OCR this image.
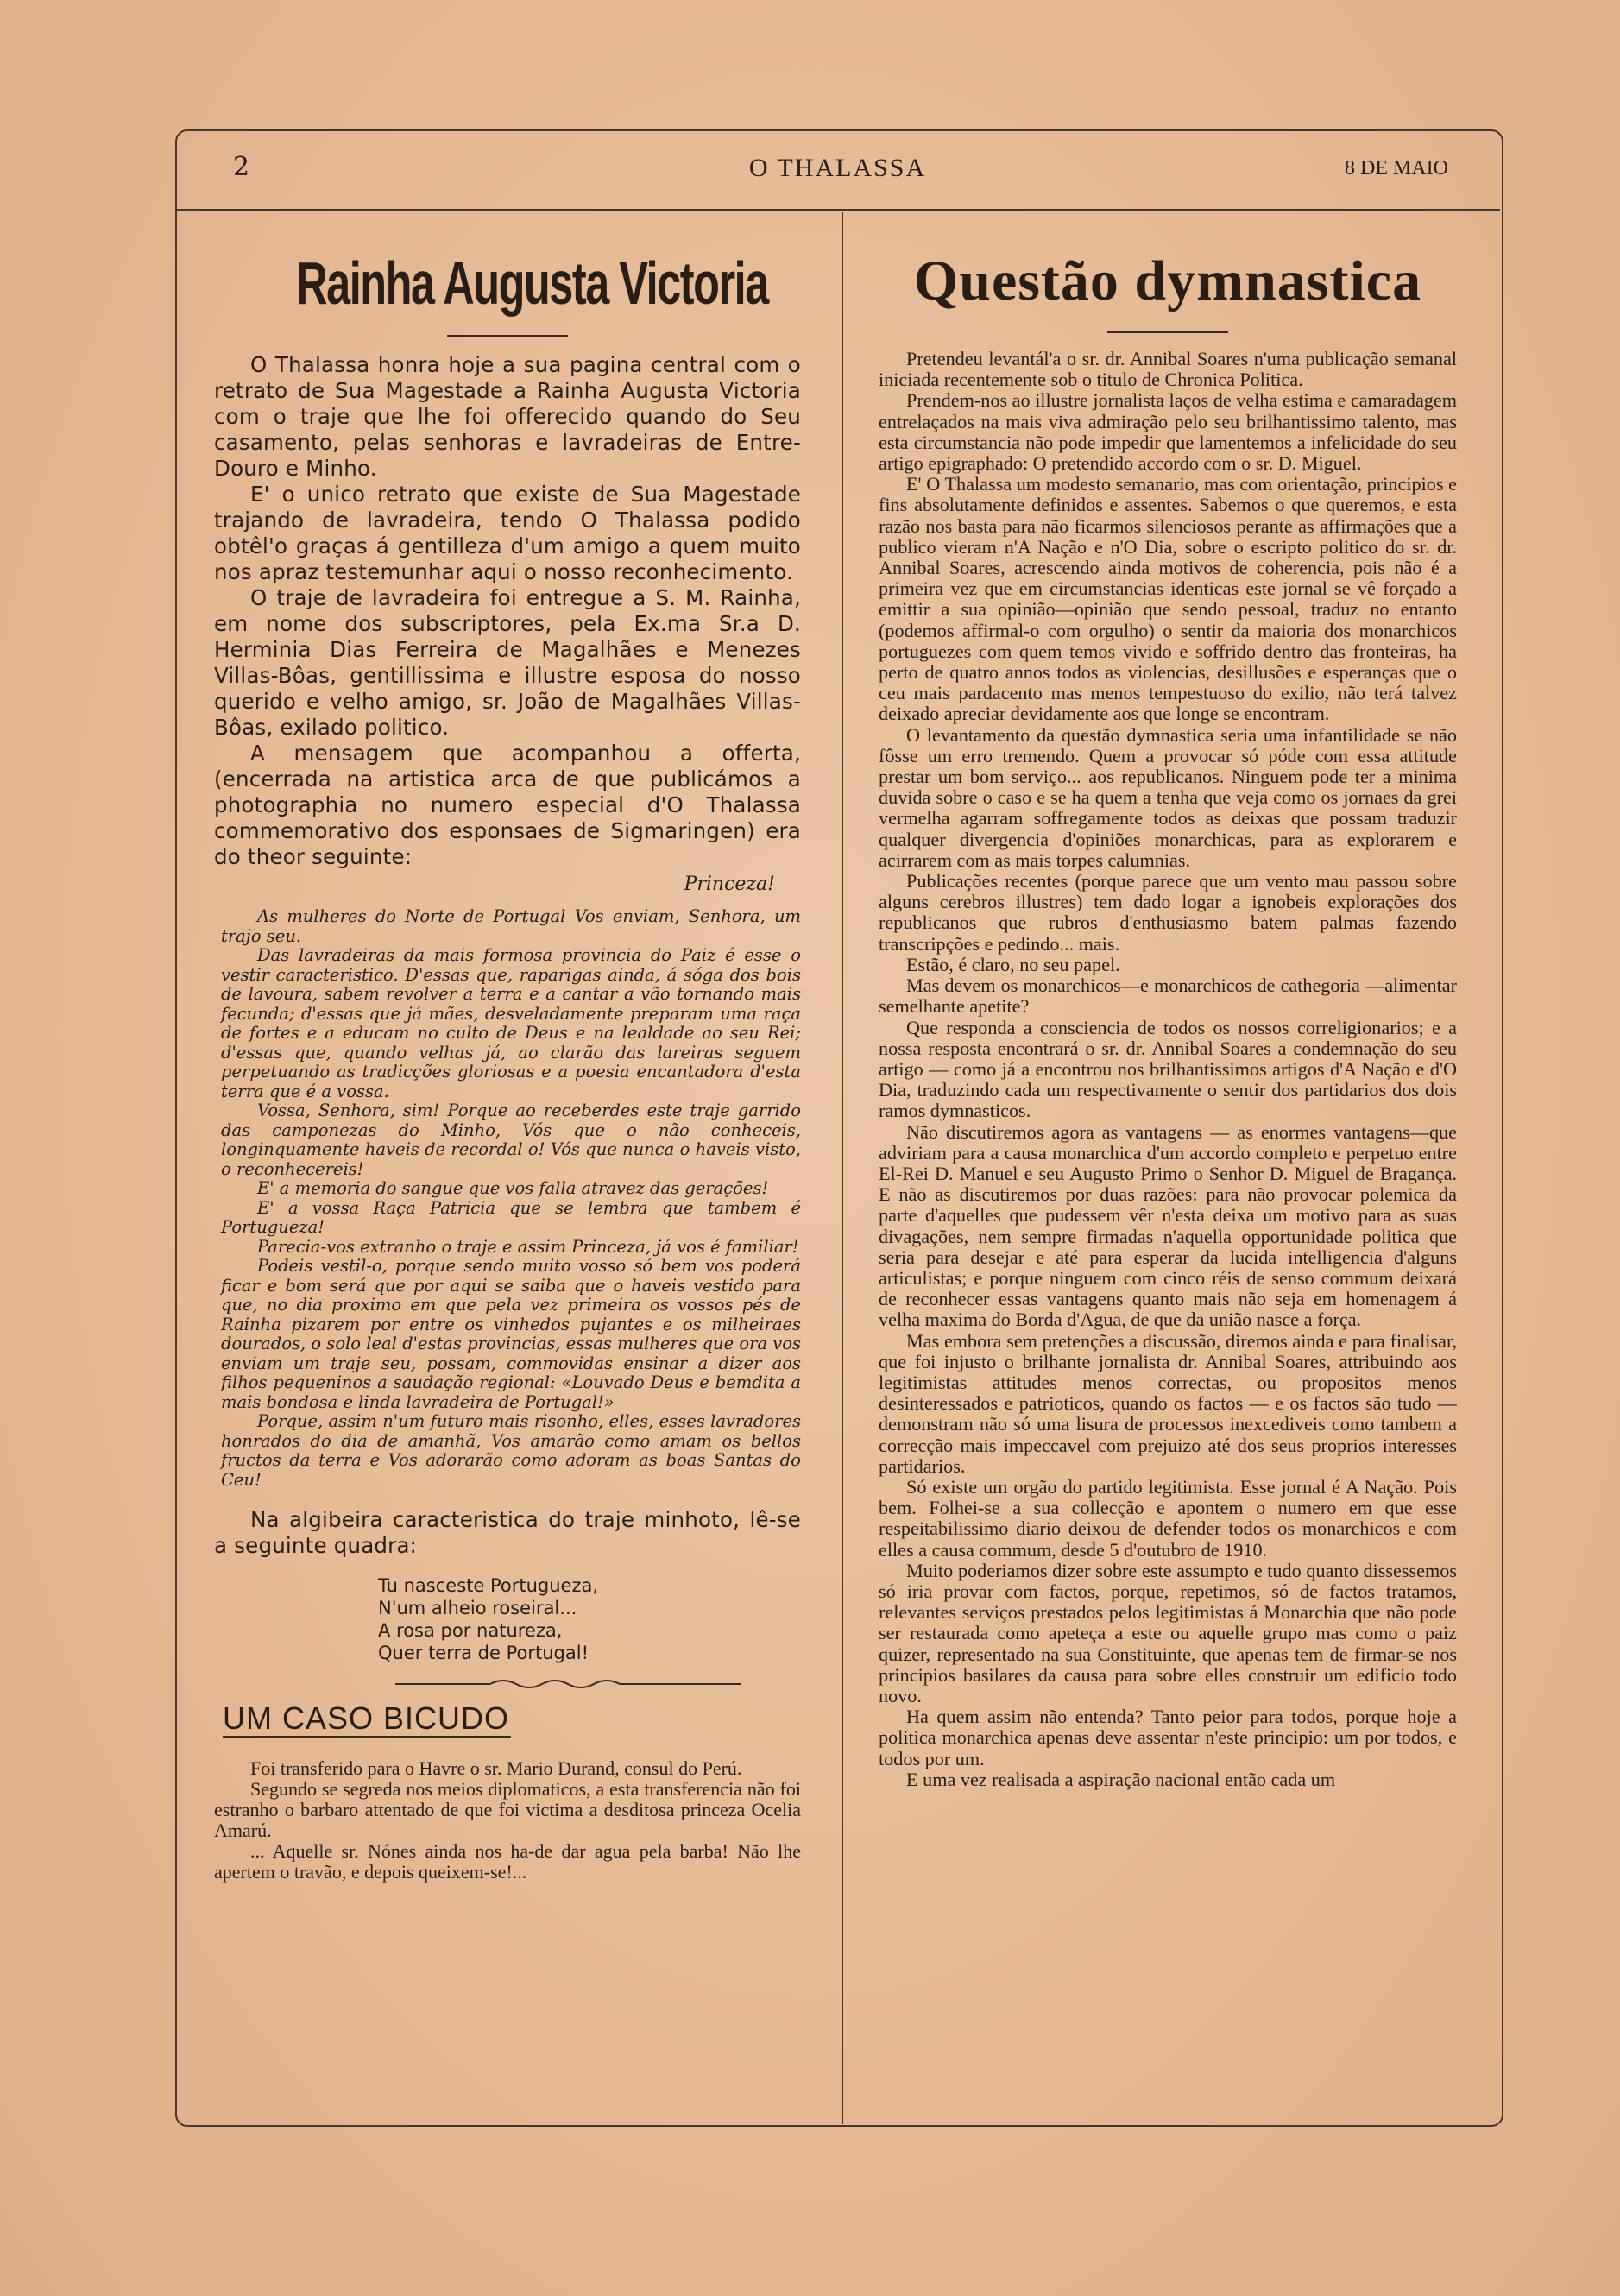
2	O THALASSA	8 DE MAIO
Rainha Augusta Victoria

O Thalassa honra hoje a sua pagina central com o retrato de Sua Magestade a Rainha Augusta Victoria com o traje que lhe foi offerecido quando do Seu casamento, pelas senhoras e lavradeiras de Entre-Douro e Minho.

E' o unico retrato que existe de Sua Magestade trajando de lavradeira, tendo O Thalassa podido obtêl'o graças á gentilleza d'um amigo a quem muito nos apraz testemunhar aqui o nosso reconhecimento.

O traje de lavradeira foi entregue a S. M. Rainha, em nome dos subscriptores, pela Ex.ma Sr.a D. Herminia Dias Ferreira de Magalhães e Menezes Villas-Bôas, gentillissima e illustre esposa do nosso querido e velho amigo, sr. João de Magalhães Villas-Bôas, exilado politico.

A mensagem que acompanhou a offerta, (encerrada na artistica arca de que publicámos a photographia no numero especial d'O Thalassa commemorativo dos esponsaes de Sigmaringen) era do theor seguinte:

Princeza!

As mulheres do Norte de Portugal Vos enviam, Senhora, um trajo seu.

Das lavradeiras da mais formosa provincia do Paiz é esse o vestir caracteristico. D'essas que, raparigas ainda, á sóga dos bois de lavoura, sabem revolver a terra e a cantar a vão tornando mais fecunda; d'essas que já mães, desveladamente preparam uma raça de fortes e a educam no culto de Deus e na lealdade ao seu Rei; d'essas que, quando velhas já, ao clarão das lareiras seguem perpetuando as tradicções gloriosas e a poesia encantadora d'esta terra que é a vossa.

Vossa, Senhora, sim! Porque ao receberdes este traje garrido das camponezas do Minho, Vós que o não conheceis, longinquamente haveis de recordal o! Vós que nunca o haveis visto, o reconhecereis!

E' a memoria do sangue que vos falla atravez das gerações!

E' a vossa Raça Patricia que se lembra que tambem é Portugueza!

Parecia-vos extranho o traje e assim Princeza, já vos é familiar!

Podeis vestil-o, porque sendo muito vosso só bem vos poderá ficar e bom será que por aqui se saiba que o haveis vestido para que, no dia proximo em que pela vez primeira os vossos pés de Rainha pizarem por entre os vinhedos pujantes e os milheiraes dourados, o solo leal d'estas provincias, essas mulheres que ora vos enviam um traje seu, possam, commovidas ensinar a dizer aos filhos pequeninos a saudação regional: «Louvado Deus e bemdita a mais bondosa e linda lavradeira de Portugal!»

Porque, assim n'um futuro mais risonho, elles, esses lavradores honrados do dia de amanhã, Vos amarão como amam os bellos fructos da terra e Vos adorarão como adoram as boas Santas do Ceu!

Na algibeira caracteristica do traje minhoto, lê-se a seguinte quadra:

Tu nasceste Portugueza,
N'um alheio roseiral...
A rosa por natureza,
Quer terra de Portugal!
UM CASO BICUDO

Foi transferido para o Havre o sr. Mario Durand, consul do Perú.

Segundo se segreda nos meios diplomaticos, a esta transferencia não foi estranho o barbaro attentado de que foi victima a desditosa princeza Ocelia Amarú.

... Aquelle sr. Nónes ainda nos ha-de dar agua pela barba! Não lhe apertem o travão, e depois queixem-se!...

Questão dymnastica

Pretendeu levantál'a o sr. dr. Annibal Soares n'uma publicação semanal iniciada recentemente sob o titulo de Chronica Politica.

Prendem-nos ao illustre jornalista laços de velha estima e camaradagem entrelaçados na mais viva admiração pelo seu brilhantissimo talento, mas esta circumstancia não pode impedir que lamentemos a infelicidade do seu artigo epigraphado: O pretendido accordo com o sr. D. Miguel.

E' O Thalassa um modesto semanario, mas com orientação, principios e fins absolutamente definidos e assentes. Sabemos o que queremos, e esta razão nos basta para não ficarmos silenciosos perante as affirmações que a publico vieram n'A Nação e n'O Dia, sobre o escripto politico do sr. dr. Annibal Soares, acrescendo ainda motivos de coherencia, pois não é a primeira vez que em circumstancias identicas este jornal se vê forçado a emittir a sua opinião—opinião que sendo pessoal, traduz no entanto (podemos affirmal-o com orgulho) o sentir da maioria dos monarchicos portuguezes com quem temos vivido e soffrido dentro das fronteiras, ha perto de quatro annos todos as violencias, desillusões e esperanças que o ceu mais pardacento mas menos tempestuoso do exilio, não terá talvez deixado apreciar devidamente aos que longe se encontram.

O levantamento da questão dymnastica seria uma infantilidade se não fôsse um erro tremendo. Quem a provocar só póde com essa attitude prestar um bom serviço... aos republicanos. Ninguem pode ter a minima duvida sobre o caso e se ha quem a tenha que veja como os jornaes da grei vermelha agarram soffregamente todos as deixas que possam traduzir qualquer divergencia d'opiniões monarchicas, para as explorarem e acirrarem com as mais torpes calumnias.

Publicações recentes (porque parece que um vento mau passou sobre alguns cerebros illustres) tem dado logar a ignobeis explorações dos republicanos que rubros d'enthusiasmo batem palmas fazendo transcripções e pedindo... mais.

Estão, é claro, no seu papel.

Mas devem os monarchicos—e monarchicos de cathegoria —alimentar semelhante apetite?

Que responda a consciencia de todos os nossos correligionarios; e a nossa resposta encontrará o sr. dr. Annibal Soares a condemnação do seu artigo — como já a encontrou nos brilhantissimos artigos d'A Nação e d'O Dia, traduzindo cada um respectivamente o sentir dos partidarios dos dois ramos dymnasticos.

Não discutiremos agora as vantagens — as enormes vantagens—que adviriam para a causa monarchica d'um accordo completo e perpetuo entre El-Rei D. Manuel e seu Augusto Primo o Senhor D. Miguel de Bragança. E não as discutiremos por duas razões: para não provocar polemica da parte d'aquelles que pudessem vêr n'esta deixa um motivo para as suas divagações, nem sempre firmadas n'aquella opportunidade politica que seria para desejar e até para esperar da lucida intelligencia d'alguns articulistas; e porque ninguem com cinco réis de senso commum deixará de reconhecer essas vantagens quanto mais não seja em homenagem á velha maxima do Borda d'Agua, de que da união nasce a força.

Mas embora sem pretenções a discussão, diremos ainda e para finalisar, que foi injusto o brilhante jornalista dr. Annibal Soares, attribuindo aos legitimistas attitudes menos correctas, ou propositos menos desinteressados e patrioticos, quando os factos — e os factos são tudo — demonstram não só uma lisura de processos inexcediveis como tambem a correcção mais impeccavel com prejuizo até dos seus proprios interesses partidarios.

Só existe um orgão do partido legitimista. Esse jornal é A Nação. Pois bem. Folhei-se a sua collecção e apontem o numero em que esse respeitabilissimo diario deixou de defender todos os monarchicos e com elles a causa commum, desde 5 d'outubro de 1910.

Muito poderiamos dizer sobre este assumpto e tudo quanto dissessemos só iria provar com factos, porque, repetimos, só de factos tratamos, relevantes serviços prestados pelos legitimistas á Monarchia que não pode ser restaurada como apeteça a este ou aquelle grupo mas como o paiz quizer, representado na sua Constituinte, que apenas tem de firmar-se nos principios basilares da causa para sobre elles construir um edificio todo novo.

Ha quem assim não entenda? Tanto peior para todos, porque hoje a politica monarchica apenas deve assentar n'este principio: um por todos, e todos por um.

E uma vez realisada a aspiração nacional então cada um
